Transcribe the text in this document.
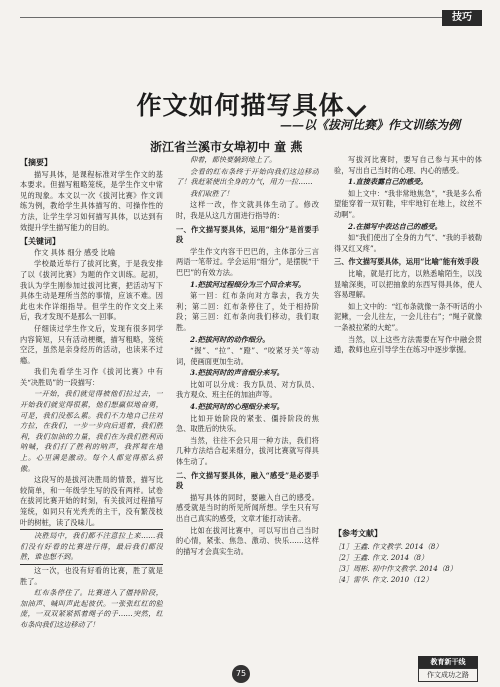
技巧
作文如何描写具体
——以《拔河比赛》作文训练为例
浙江省兰溪市女埠初中 童 燕
【摘要】

描写具体，是课程标准对学生作文的基本要求。但描写粗略笼统，是学生作文中常见的现象。本文以一次《拔河比赛》作文训练为例，教给学生具体描写的、可操作性的方法，让学生学习如何描写具体，以达到有效提升学生描写能力的目的。

【关键词】

作文 具体 细分 感受 比喻

学校最近举行了拔河比赛，于是我安排了以《拔河比赛》为题的作文训练。起初，我认为学生刚参加过拔河比赛，把活动写下具体生动是理所当然的事情，应该不难。因此也未作详细指导。但学生的作文交上来后，我才发现不是那么一回事。

仔细读过学生作文后，发现有很多同学内容简短，只有活动梗概，描写粗略，笼统空泛，虽然是亲身经历的活动，也读来不过瘾。

我们先看学生习作《拔河比赛》中有关“决胜局”的一段描写：

一开始，我们就觉得被他们拉过去，一开始我们就觉得很累，他们想赢似地奋勇，可是，我们没那么累。我们不力地自己往对方拉，在我们，一步一步向后退着，我们胜利，我们加油的力量，我们在为我们胜利而呐喊，我们打了胜利的呐声，我挥舞在地上。心里满是激动。每个人都觉得那么骄傲。

这段写的是拔河决胜局的情景，描写比较简单，和一年级学生写的没有两样。试卷在拔河比赛开始的时刻，有关拔河过程描写笼统，如同只有光秃秃的主干，没有繁茂枝叶的树桩，读了没味儿。

决胜局中，我们都不注意拉上来……我们没有好看的比赛进行得，最后我们都没胜，谁也想不到。

这一次，也没有好看的比赛，胜了就是胜了。

红布条停住了。比赛进入了僵持阶段，加油声、喊叫声此起彼伏。一张张红红的脸庞，一双双紧紧抓着绳子的手……突然，红布条向我们这边移动了！

仰着，都快要躺到地上了。

会看的红布条终于开始向我们这边移动了！我赶紧使出全身的力气，用力一拉……

我们取胜了！

这样一改，作文就具体生动了。修改时，我是从这几方面进行指导的：

一、作文描写要具体，运用“细分”是首要手段

学生作文内容干巴巴的，主体部分三言两语一笔带过。学会运用“细分”，是摆脱“干巴巴”的有效方法。

1.把拔河过程细分为三个回合来写。

第一回：红布条向对方靠去，我方失利；第二回：红布条停住了，处于相持阶段；第三回：红布条向我们移动，我们取胜。

2.把拔河时的动作细分。

“握”、“拉”、“蹬”、“咬紧牙关”等动词，使画面更加生动。

3.把拔河时的声音细分来写。

比如可以分成：我方队员、对方队员、我方观众、班主任的加油声等。

4.把拔河时的心理细分来写。

比如开始阶段的紧张、僵持阶段的焦急、取胜后的快乐。

当然，往往不会只用一种方法，我们将几种方法结合起来细分，拔河比赛就写得具体生动了。

二、作文描写要具体，融入“感受”是必要手段

描写具体的同时，要融入自己的感受。感受就是当时的所见所闻所想。学生只有写出自己真实的感受，文章才能打动读者。

比如在拔河比赛中，可以写出自己当时的心情，紧张、焦急、激动、快乐……这样的描写才会真实生动。

写拔河比赛时，要写自己参与其中的体验，写出自己当时的心理、内心的感受。

1.直接表露自己的感受。

如上文中：“我非常地焦急”，“我是多么希望能穿着一双钉鞋，牢牢地钉在地上，纹丝不动啊”。

2.在描写中表达自己的感受。

如“我们使出了全身的力气”、“我的手被勒得又红又疼”。

三、作文描写要具体，运用“比喻”能有效手段

比喻，就是打比方，以熟悉喻陌生，以浅显喻深奥，可以把抽象的东西写得具体，使人容易理解。

如上文中的：“红布条就像一条不听话的小泥鳅，一会儿往左，一会儿往右”；“绳子就像一条被拉紧的大蛇”。

当然，以上这些方法需要在写作中融会贯通，教师也应引导学生在练习中逐步掌握。

【参考文献】

［1］王鑫. 作文教学. 2014（8）

［2］王鑫. 作文. 2014（8）

［3］周彬. 初中作文教学. 2014（8）

［4］雷华. 作文. 2010（12）

75
教育新干线
作文成功之路
